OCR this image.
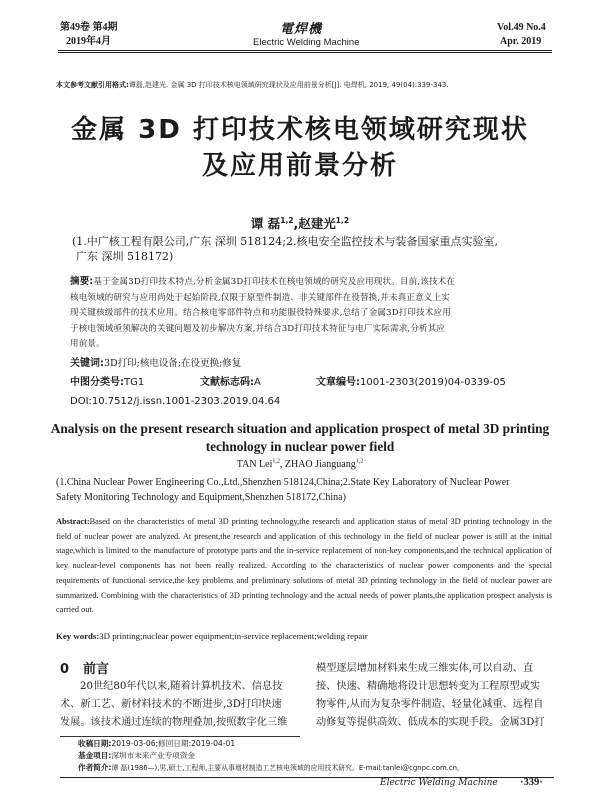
第49卷 第4期
2019年4月
電焊機
Electric Welding Machine
Vol.49 No.4
Apr. 2019
本文参考文献引用格式:谭磊,赵建光. 金属 3D 打印技术核电领域研究现状及应用前景分析[J]. 电焊机, 2019, 49(04):339-343.
金属 3D 打印技术核电领域研究现状
及应用前景分析
谭 磊$^{1,2}$,赵建光$^{1,2}$
(1.中广核工程有限公司,广东 深圳 518124;2.核电安全监控技术与装备国家重点实验室,
广东 深圳 518172)
摘要:基于金属3D打印技术特点,分析金属3D打印技术在核电领域的研究及应用现状。目前,该技术在
核电领域的研究与应用尚处于起始阶段,仅限于原型件制造、非关键部件在役替换,并未真正意义上实
现关键核级部件的技术应用。结合核电零部件特点和功能服役特殊要求,总结了金属3D打印技术应用
于核电领域亟须解决的关键问题及初步解决方案,并结合3D打印技术特征与电厂实际需求,分析其应
用前景。
关键词:3D打印;核电设备;在役更换;修复
中图分类号:TG1	文献标志码:A	文章编号:1001-2303(2019)04-0339-05
DOI:10.7512/j.issn.1001-2303.2019.04.64
Analysis on the present research situation and application prospect of metal 3D printing
technology in nuclear power field
TAN Lei$^{1,2}$, ZHAO Jianguang$^{1,2}$
(1.China Nuclear Power Engineering Co.,Ltd.,Shenzhen 518124,China;2.State Key Laboratory of Nuclear Power
Safety Monitoring Technology and Equipment,Shenzhen 518172,China)
Abstract:Based on the characteristics of metal 3D printing technology,the research and application status of metal 3D printing technology in the field of nuclear power are analyzed. At present,the research and application of this technology in the field of nuclear power is still at the initial stage,which is limited to the manufacture of prototype parts and the in-service replacement of non-key components,and the technical application of key nuclear-level components has not been really realized. According to the characteristics of nuclear power components and the special requirements of functional service,the key problems and preliminary solutions of metal 3D printing technology in the field of nuclear power are summarized. Combining with the characteristics of 3D printing technology and the actual needs of power plants,the application prospect analysis is carried out.
Key words:3D printing;nuclear power equipment;in-service replacement;welding repair
0 前言
20世纪80年代以来,随着计算机技术、信息技
术、新工艺、新材料技术的不断进步,3D打印快速
发展。该技术通过连续的物理叠加,按照数字化三维
模型逐层增加材料来生成三维实体,可以自动、直
接、快速、精确地将设计思想转变为工程原型或实
物零件,从而为复杂零件制造、轻量化减重、远程自
动修复等提供高效、低成本的实现手段。金属3D打
收稿日期:2019-03-06;修回日期:2019-04-01
基金项目:深圳市未来产业专项资金
作者简介:谭 磊(1986—),男,硕士,工程师,主要从事增材制造工艺核电领域的应用技术研究。E-mail:tanlei@cgnpc.com.cn。
Electric Welding Machine ·339·
